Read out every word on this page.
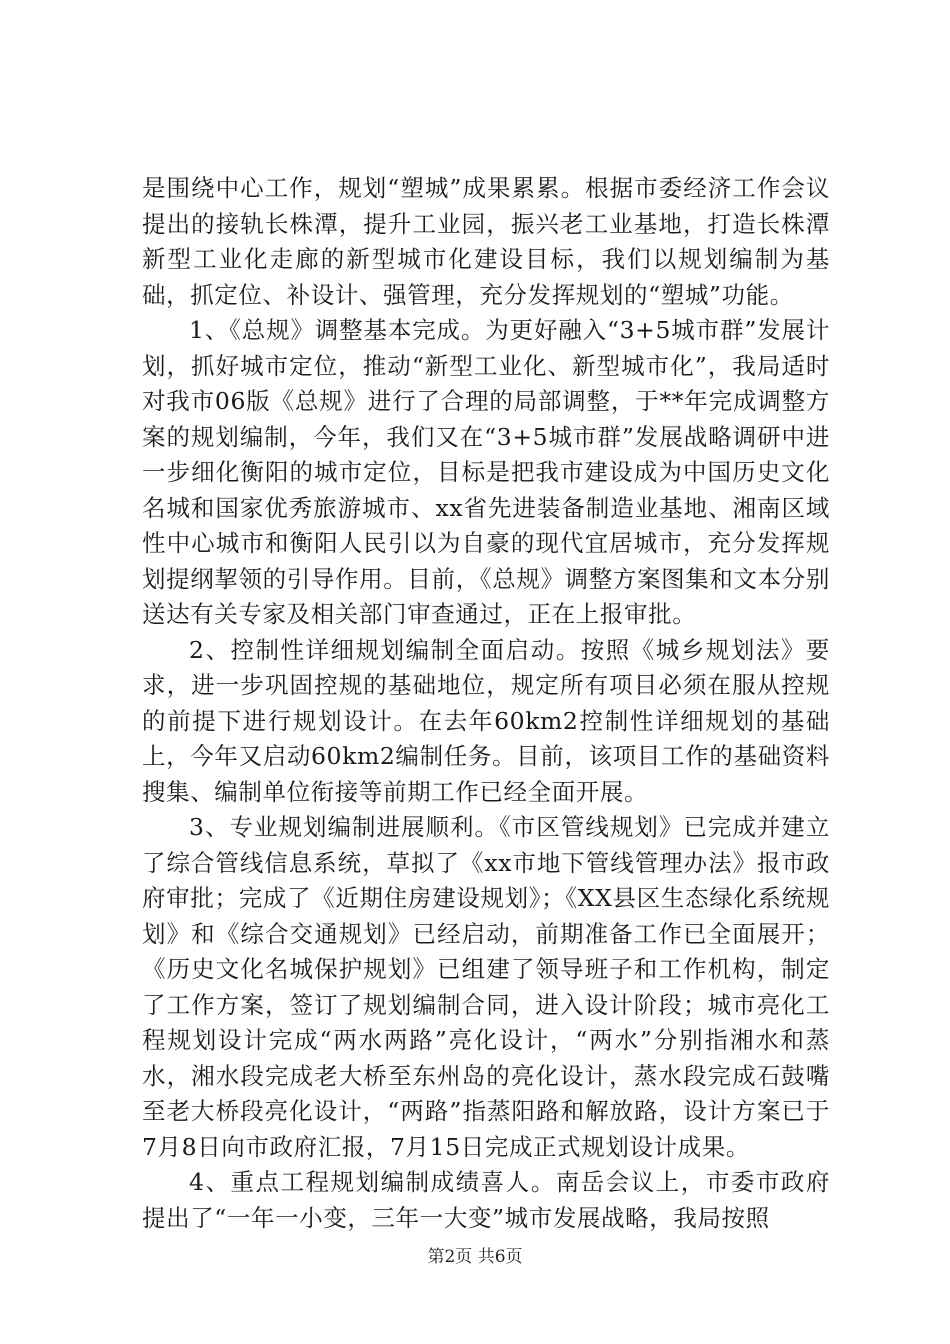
是围绕中心工作，规划“塑城”成果累累。根据市委经济工作会议提出的接轨长株潭，提升工业园，振兴老工业基地，打造长株潭新型工业化走廊的新型城市化建设目标，我们以规划编制为基础，抓定位、补设计、强管理，充分发挥规划的“塑城”功能。

1、《总规》调整基本完成。为更好融入“3+5城市群”发展计划，抓好城市定位，推动“新型工业化、新型城市化”，我局适时对我市06版《总规》进行了合理的局部调整，于**年完成调整方案的规划编制，今年，我们又在“3+5城市群”发展战略调研中进一步细化衡阳的城市定位，目标是把我市建设成为中国历史文化名城和国家优秀旅游城市、xx省先进装备制造业基地、湘南区域性中心城市和衡阳人民引以为自豪的现代宜居城市，充分发挥规划提纲挈领的引导作用。目前，《总规》调整方案图集和文本分别送达有关专家及相关部门审查通过，正在上报审批。

2、控制性详细规划编制全面启动。按照《城乡规划法》要求，进一步巩固控规的基础地位，规定所有项目必须在服从控规的前提下进行规划设计。在去年60km2控制性详细规划的基础上，今年又启动60km2编制任务。目前，该项目工作的基础资料搜集、编制单位衔接等前期工作已经全面开展。

3、专业规划编制进展顺利。《市区管线规划》已完成并建立了综合管线信息系统，草拟了《xx市地下管线管理办法》报市政府审批；完成了《近期住房建设规划》；《XX县区生态绿化系统规划》和《综合交通规划》已经启动，前期准备工作已全面展开；《历史文化名城保护规划》已组建了领导班子和工作机构，制定了工作方案，签订了规划编制合同，进入设计阶段；城市亮化工程规划设计完成“两水两路”亮化设计，“两水”分别指湘水和蒸水，湘水段完成老大桥至东州岛的亮化设计，蒸水段完成石鼓嘴至老大桥段亮化设计，“两路”指蒸阳路和解放路，设计方案已于7月8日向市政府汇报，7月15日完成正式规划设计成果。

4、重点工程规划编制成绩喜人。南岳会议上，市委市政府提出了“一年一小变，三年一大变”城市发展战略，我局按照

第2页 共6页
